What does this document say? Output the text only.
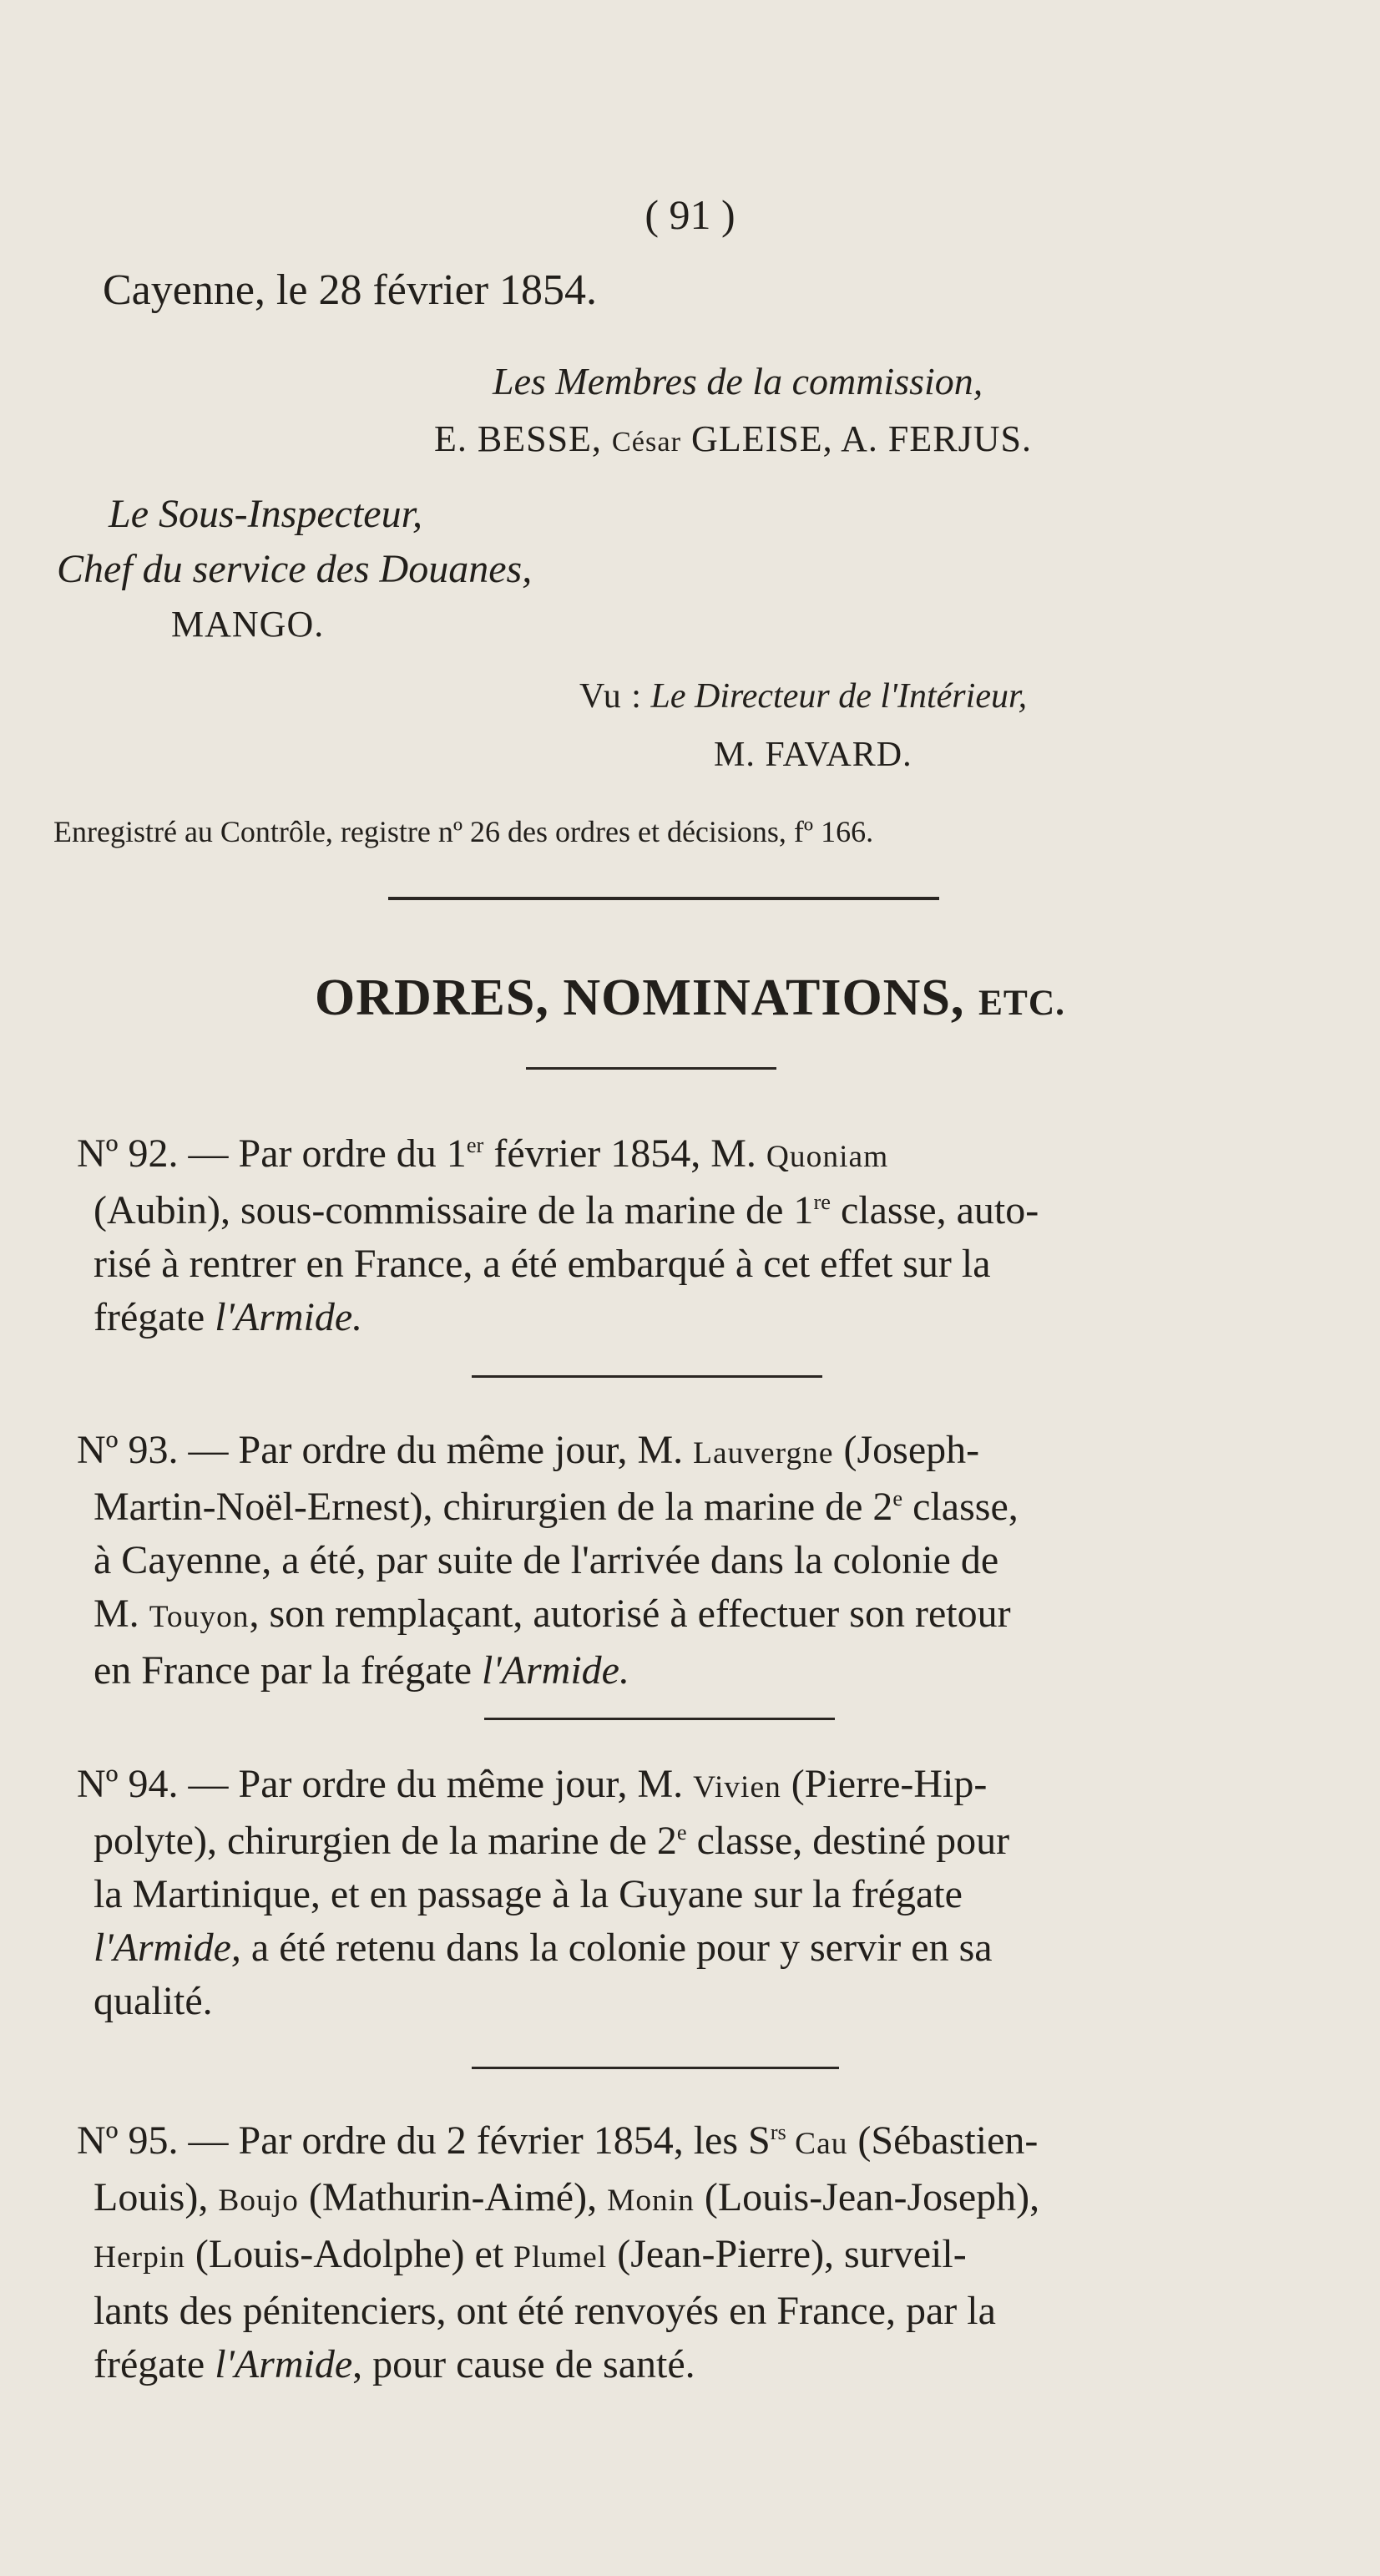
( 91 )
Cayenne, le 28 février 1854.
Les Membres de la commission,
E. BESSE, César GLEISE, A. FERJUS.
Le Sous-Inspecteur,
Chef du service des Douanes,
MANGO.
Vu : Le Directeur de l'Intérieur,
M. FAVARD.
Enregistré au Contrôle, registre nº 26 des ordres et décisions, fº 166.
ORDRES, NOMINATIONS, ETC.
Nº 92. — Par ordre du 1er février 1854, M. Quoniam
(Aubin), sous-commissaire de la marine de 1re classe, auto-
risé à rentrer en France, a été embarqué à cet effet sur la
frégate l'Armide.
Nº 93. — Par ordre du même jour, M. Lauvergne (Joseph-
Martin-Noël-Ernest), chirurgien de la marine de 2e classe,
à Cayenne, a été, par suite de l'arrivée dans la colonie de
M. Touyon, son remplaçant, autorisé à effectuer son retour
en France par la frégate l'Armide.
Nº 94. — Par ordre du même jour, M. Vivien (Pierre-Hip-
polyte), chirurgien de la marine de 2e classe, destiné pour
la Martinique, et en passage à la Guyane sur la frégate
l'Armide, a été retenu dans la colonie pour y servir en sa
qualité.
Nº 95. — Par ordre du 2 février 1854, les $S^{rs}$ Cau (Sébastien-
Louis), Boujo (Mathurin-Aimé), Monin (Louis-Jean-Joseph),
Herpin (Louis-Adolphe) et Plumel (Jean-Pierre), surveil-
lants des pénitenciers, ont été renvoyés en France, par la
frégate l'Armide, pour cause de santé.
